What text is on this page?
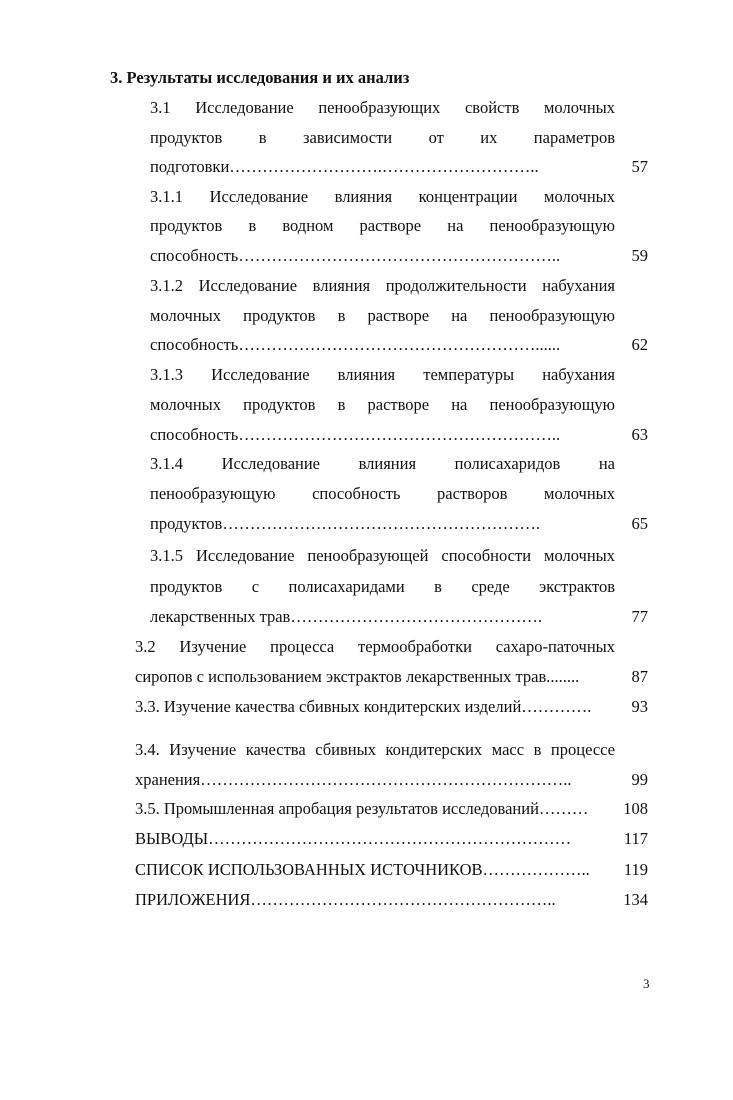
3. Результаты исследования и их анализ
3.1 Исследование пенообразующих свойств молочных
продуктов в зависимости от их параметров
подготовки……………………….………………………..	57
3.1.1 Исследование влияния концентрации молочных
продуктов в водном растворе на пенообразующую
способность…………………………………………………..	59
3.1.2 Исследование влияния продолжительности набухания
молочных продуктов в растворе на пенообразующую
способность………………………………………………......	62
3.1.3 Исследование влияния температуры набухания
молочных продуктов в растворе на пенообразующую
способность…………………………………………………..	63
3.1.4 Исследование влияния полисахаридов на
пенообразующую способность растворов молочных
продуктов………………………………………………….	65
3.1.5 Исследование пенообразующей способности молочных
продуктов с полисахаридами в среде экстрактов
лекарственных трав……………………………………….	77
3.2 Изучение процесса термообработки сахаро-паточных
сиропов с использованием экстрактов лекарственных трав........	87
3.3. Изучение качества сбивных кондитерских изделий………….	93
3.4. Изучение качества сбивных кондитерских масс в процессе
хранения…………………………………………………………..	99
3.5. Промышленная апробация результатов исследований……… 108
ВЫВОДЫ…………………………………………………………	117
СПИСОК ИСПОЛЬЗОВАННЫХ ИСТОЧНИКОВ……………….. 119
ПРИЛОЖЕНИЯ………………………………………………..	134
3
